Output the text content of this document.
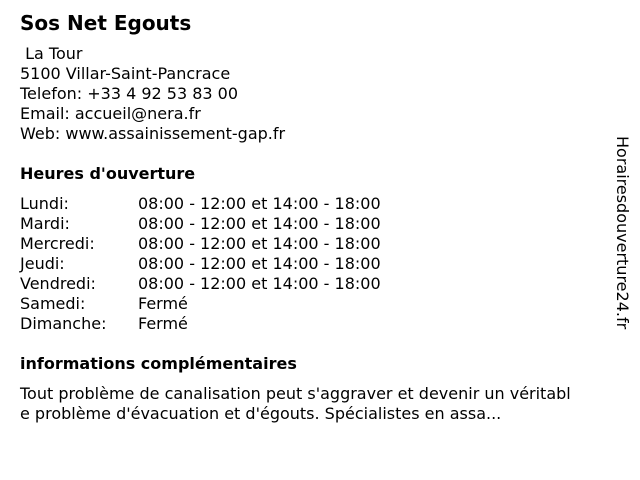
Sos Net Egouts
La Tour
5100 Villar-Saint-Pancrace
Telefon: +33 4 92 53 83 00
Email: accueil@nera.fr
Web: www.assainissement-gap.fr
Heures d'ouverture
Lundi:	08:00 - 12:00 et 14:00 - 18:00
Mardi:	08:00 - 12:00 et 14:00 - 18:00
Mercredi:	08:00 - 12:00 et 14:00 - 18:00
Jeudi:	08:00 - 12:00 et 14:00 - 18:00
Vendredi:	08:00 - 12:00 et 14:00 - 18:00
Samedi:	Fermé
Dimanche: Fermé
informations complémentaires
Tout problème de canalisation peut s'aggraver et devenir un véritable problème d'évacuation et d'égouts. Spécialistes en assa...
Horairesdouverture24.fr
